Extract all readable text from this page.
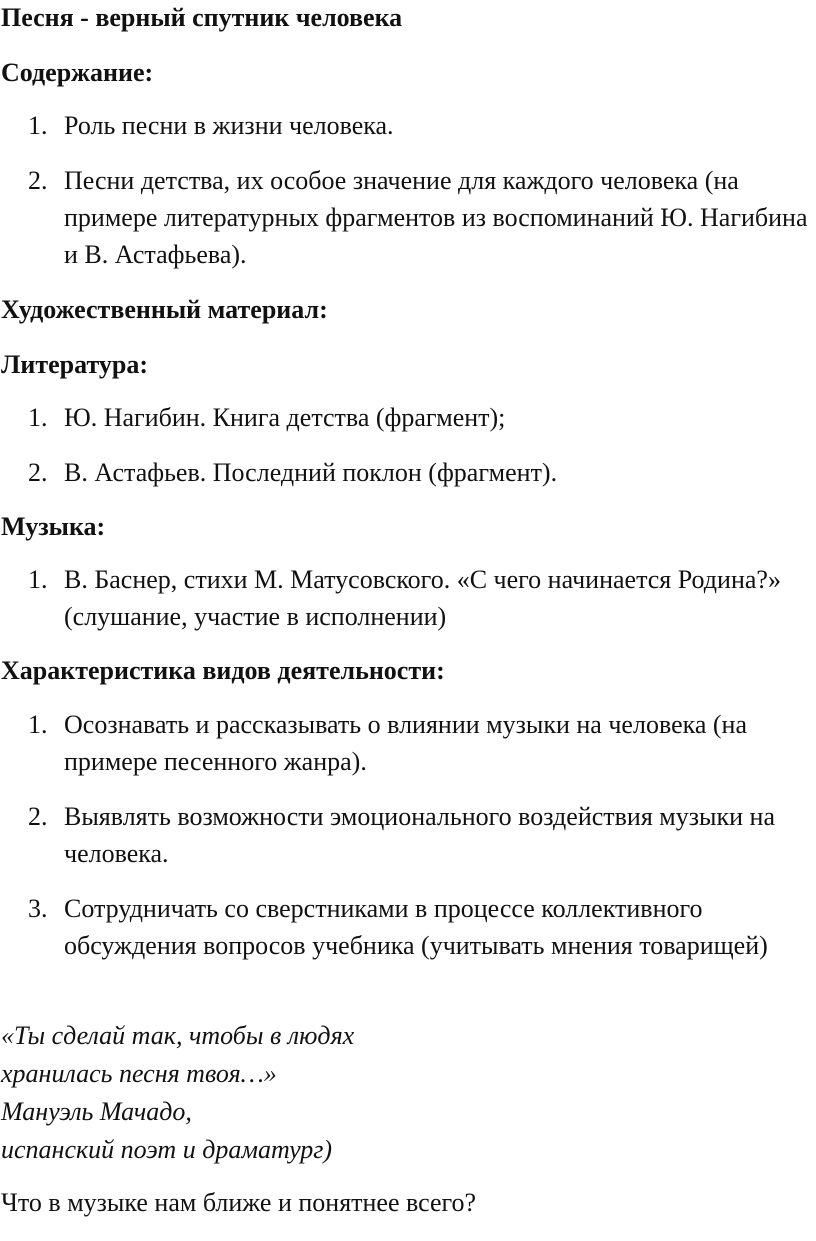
Песня - верный спутник человека
Содержание:
1. Роль песни в жизни человека.
2. Песни детства, их особое значение для каждого человека (на примере литературных фрагментов из воспоминаний Ю. Нагибина и В. Астафьева).
Художественный материал:
Литература:
1. Ю. Нагибин. Книга детства (фрагмент);
2. В. Астафьев. Последний поклон (фрагмент).
Музыка:
1. В. Баснер, стихи М. Матусовского. «С чего начинается Родина?» (слушание, участие в исполнении)
Характеристика видов деятельности:
1. Осознавать и рассказывать о влиянии музыки на человека (на примере песенного жанра).
2. Выявлять возможности эмоционального воздействия музыки на человека.
3. Сотрудничать со сверстниками в процессе коллективного обсуждения вопросов учебника (учитывать мнения товарищей)
«Ты сделай так, чтобы в людях
хранилась песня твоя…»
Мануэль Мачадо,
испанский поэт и драматург)
Что в музыке нам ближе и понятнее всего?
